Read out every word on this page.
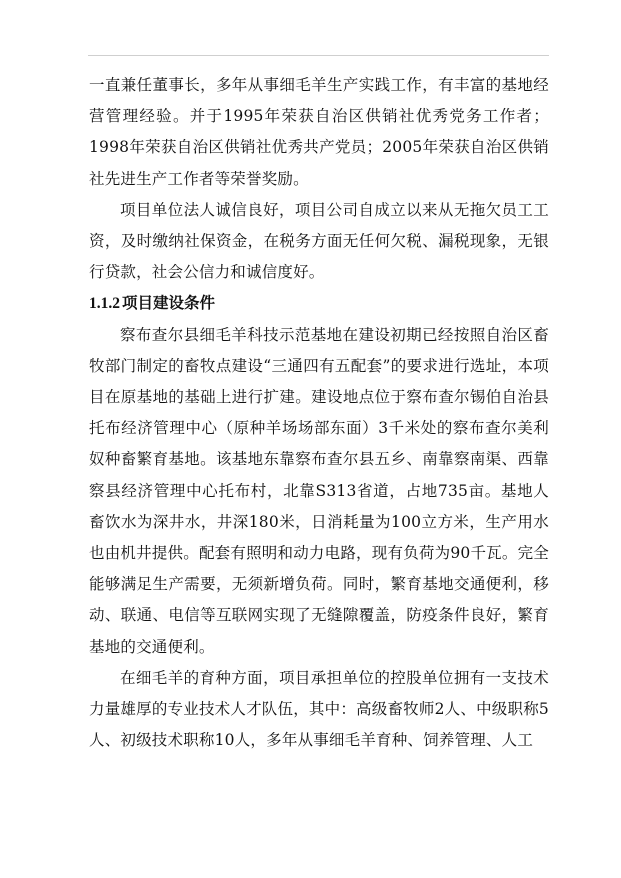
一直兼任董事长，多年从事细毛羊生产实践工作，有丰富的基地经营管理经验。并于1995年荣获自治区供销社优秀党务工作者；1998年荣获自治区供销社优秀共产党员；2005年荣获自治区供销社先进生产工作者等荣誉奖励。

项目单位法人诚信良好，项目公司自成立以来从无拖欠员工工资，及时缴纳社保资金，在税务方面无任何欠税、漏税现象，无银行贷款，社会公信力和诚信度好。

1.1.2 项目建设条件

察布查尔县细毛羊科技示范基地在建设初期已经按照自治区畜牧部门制定的畜牧点建设“三通四有五配套”的要求进行选址，本项目在原基地的基础上进行扩建。建设地点位于察布查尔锡伯自治县托布经济管理中心（原种羊场场部东面）3千米处的察布查尔美利奴种畜繁育基地。该基地东靠察布查尔县五乡、南靠察南渠、西靠察县经济管理中心托布村，北靠S313省道，占地735亩。基地人畜饮水为深井水，井深180米，日消耗量为100立方米，生产用水也由机井提供。配套有照明和动力电路，现有负荷为90千瓦。完全能够满足生产需要，无须新增负荷。同时，繁育基地交通便利，移动、联通、电信等互联网实现了无缝隙覆盖，防疫条件良好，繁育基地的交通便利。

在细毛羊的育种方面，项目承担单位的控股单位拥有一支技术力量雄厚的专业技术人才队伍，其中：高级畜牧师2人、中级职称5人、初级技术职称10人，多年从事细毛羊育种、饲养管理、人工
